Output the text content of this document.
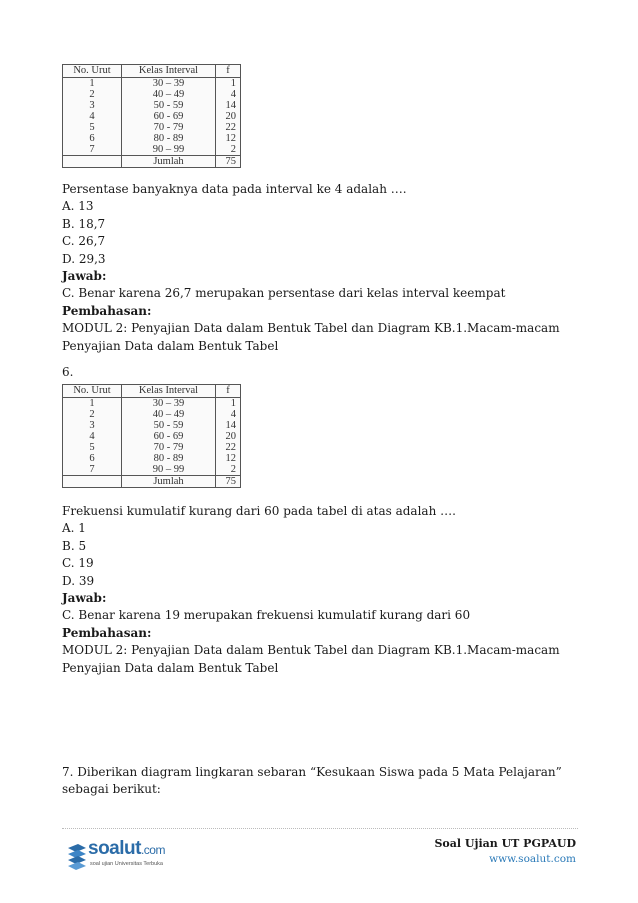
No. Urut	Kelas Interval	f
1	30 – 39	1
2	40 – 49	4
3	50 - 59	14
4	60 - 69	20
5	70 - 79	22
6	80 - 89	12
7	90 – 99	2
	Jumlah	75

Persentase banyaknya data pada interval ke 4 adalah ….

A. 13

B. 18,7

C. 26,7

D. 29,3

Jawab:

C. Benar karena 26,7 merupakan persentase dari kelas interval keempat

Pembahasan:

MODUL 2: Penyajian Data dalam Bentuk Tabel dan Diagram KB.1.Macam-macam Penyajian Data dalam Bentuk Tabel

6.

No. Urut	Kelas Interval	f
1	30 – 39	1
2	40 – 49	4
3	50 - 59	14
4	60 - 69	20
5	70 - 79	22
6	80 - 89	12
7	90 – 99	2
	Jumlah	75

Frekuensi kumulatif kurang dari 60 pada tabel di atas adalah ….

A. 1

B. 5

C. 19

D. 39

Jawab:

C. Benar karena 19 merupakan frekuensi kumulatif kurang dari 60

Pembahasan:

MODUL 2: Penyajian Data dalam Bentuk Tabel dan Diagram KB.1.Macam-macam Penyajian Data dalam Bentuk Tabel

7. Diberikan diagram lingkaran sebaran “Kesukaan Siswa pada 5 Mata Pelajaran” sebagai berikut:

soalut.com
soal ujian Universitas Terbuka
Soal Ujian UT PGPAUD
www.soalut.com
